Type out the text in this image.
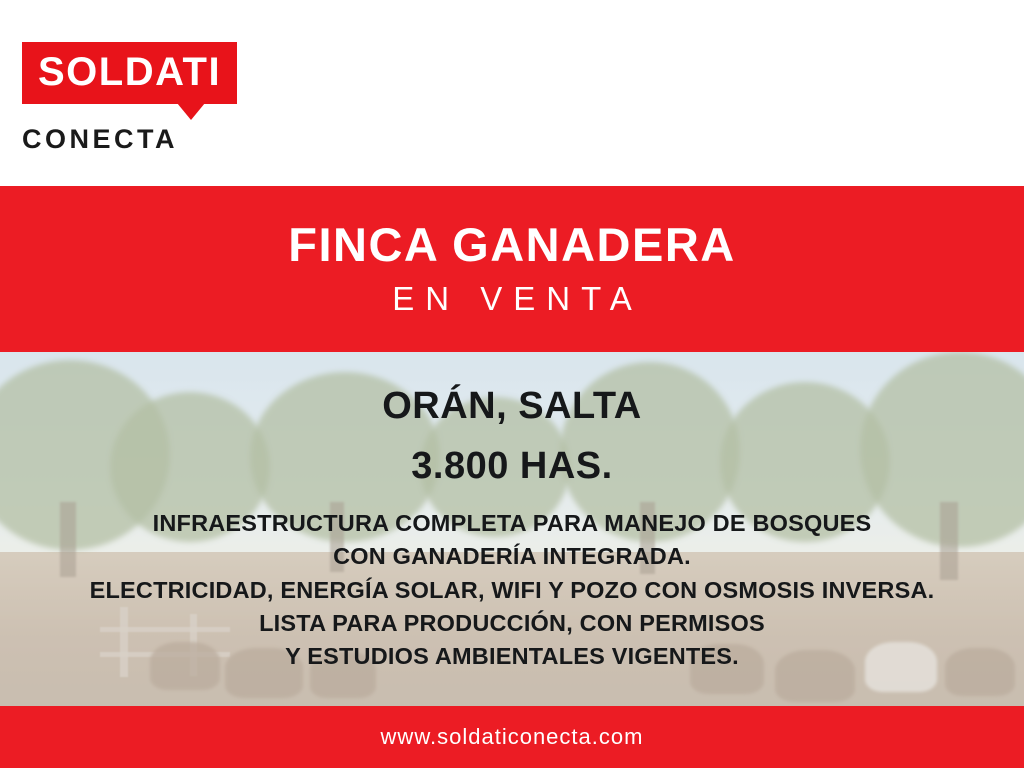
SOLDATI
CONECTA
FINCA GANADERA
EN VENTA
ORÁN, SALTA
3.800 HAS.
INFRAESTRUCTURA COMPLETA PARA MANEJO DE BOSQUES
CON GANADERÍA INTEGRADA.
ELECTRICIDAD, ENERGÍA SOLAR, WIFI Y POZO CON OSMOSIS INVERSA.
LISTA PARA PRODUCCIÓN, CON PERMISOS
Y ESTUDIOS AMBIENTALES VIGENTES.
www.soldaticonecta.com
